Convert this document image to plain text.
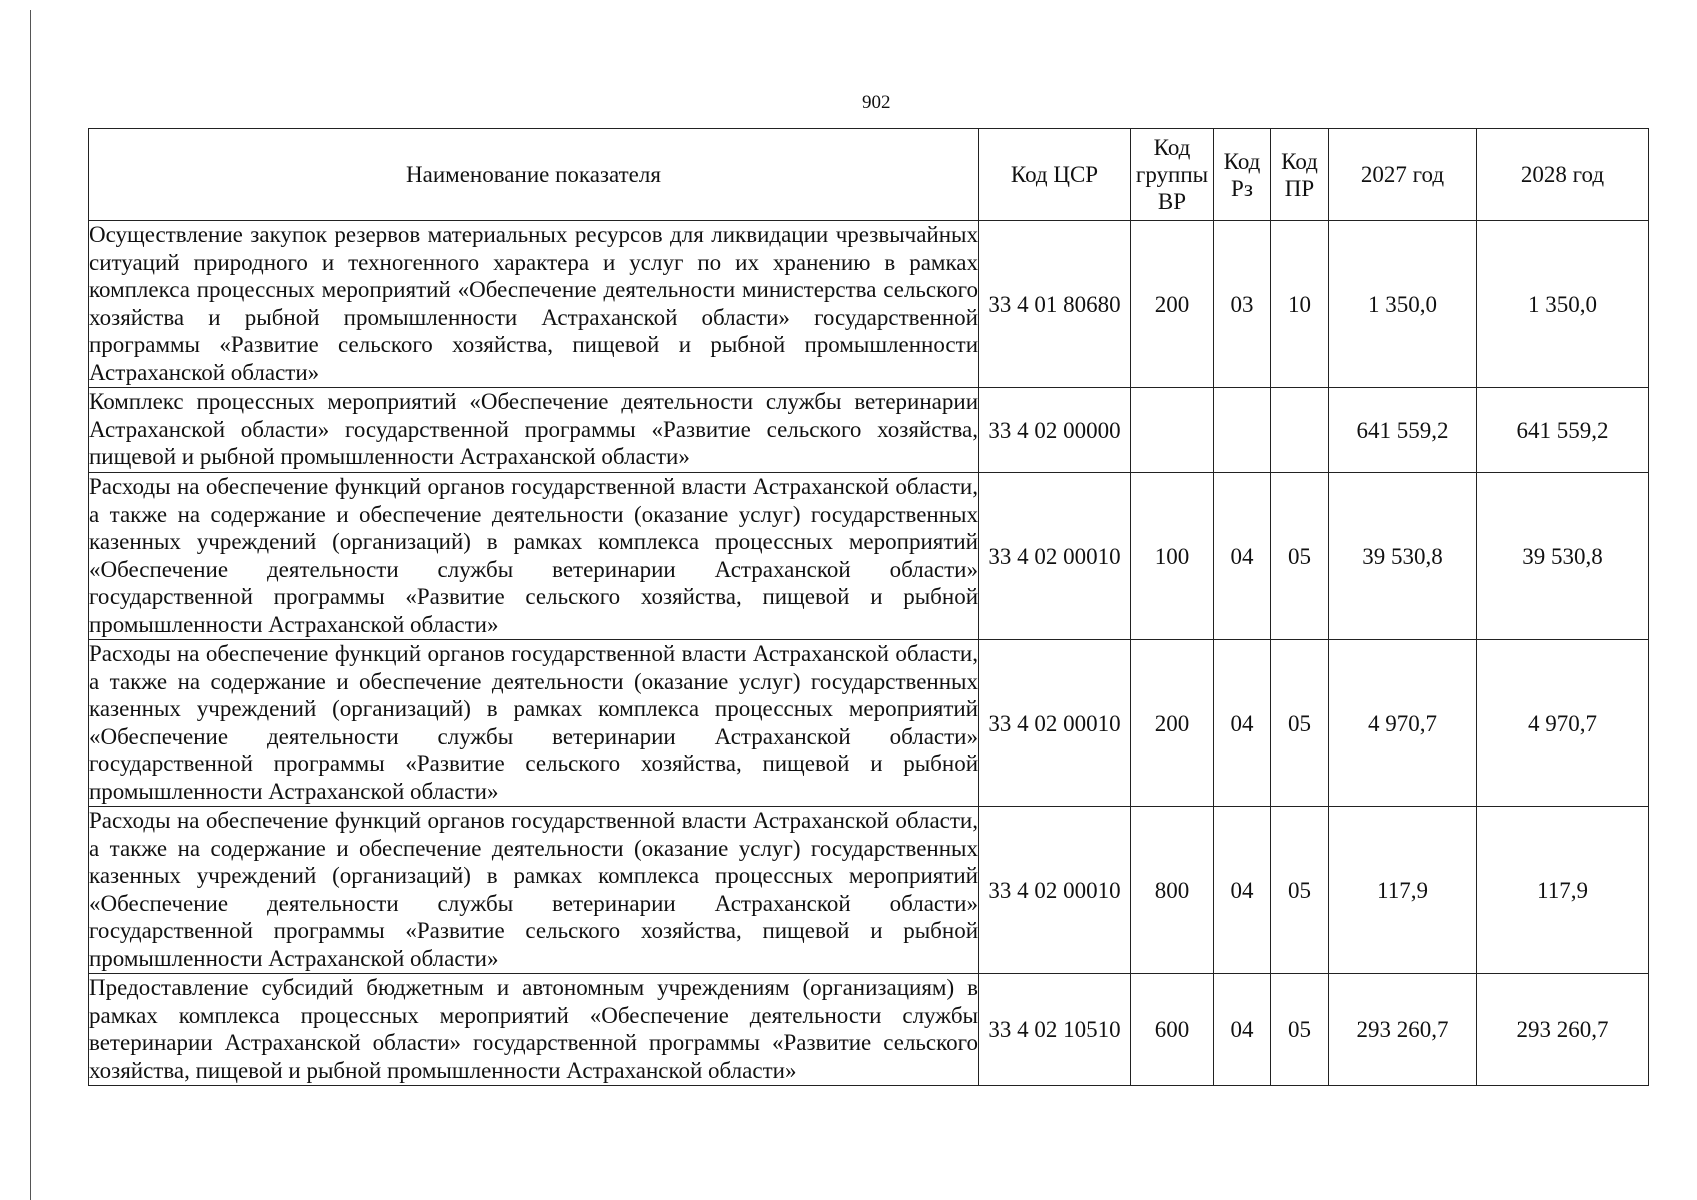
902
Наименование показателя	Код ЦСР	Код группы ВР	Код Рз	Код ПР	2027 год	2028 год
Осуществление закупок резервов материальных ресурсов для ликвидации чрезвычайных ситуаций природного и техногенного характера и услуг по их хранению в рамках комплекса процессных мероприятий «Обеспечение деятельности министерства сельского хозяйства и рыбной промышленности Астраханской области» государственной программы «Развитие сельского хозяйства, пищевой и рыбной промышленности Астраханской области»	33 4 01 80680	200	03	10	1 350,0	1 350,0
Комплекс процессных мероприятий «Обеспечение деятельности службы ветеринарии Астраханской области» государственной программы «Развитие сельского хозяйства, пищевой и рыбной промышленности Астраханской области»	33 4 02 00000				641 559,2	641 559,2
Расходы на обеспечение функций органов государственной власти Астраханской области, а также на содержание и обеспечение деятельности (оказание услуг) государственных казенных учреждений (организаций) в рамках комплекса процессных мероприятий «Обеспечение деятельности службы ветеринарии Астраханской области» государственной программы «Развитие сельского хозяйства, пищевой и рыбной промышленности Астраханской области»	33 4 02 00010	100	04	05	39 530,8	39 530,8
Расходы на обеспечение функций органов государственной власти Астраханской области, а также на содержание и обеспечение деятельности (оказание услуг) государственных казенных учреждений (организаций) в рамках комплекса процессных мероприятий «Обеспечение деятельности службы ветеринарии Астраханской области» государственной программы «Развитие сельского хозяйства, пищевой и рыбной промышленности Астраханской области»	33 4 02 00010	200	04	05	4 970,7	4 970,7
Расходы на обеспечение функций органов государственной власти Астраханской области, а также на содержание и обеспечение деятельности (оказание услуг) государственных казенных учреждений (организаций) в рамках комплекса процессных мероприятий «Обеспечение деятельности службы ветеринарии Астраханской области» государственной программы «Развитие сельского хозяйства, пищевой и рыбной промышленности Астраханской области»	33 4 02 00010	800	04	05	117,9	117,9
Предоставление субсидий бюджетным и автономным учреждениям (организациям) в рамках комплекса процессных мероприятий «Обеспечение деятельности службы ветеринарии Астраханской области» государственной программы «Развитие сельского хозяйства, пищевой и рыбной промышленности Астраханской области»	33 4 02 10510	600	04	05	293 260,7	293 260,7
